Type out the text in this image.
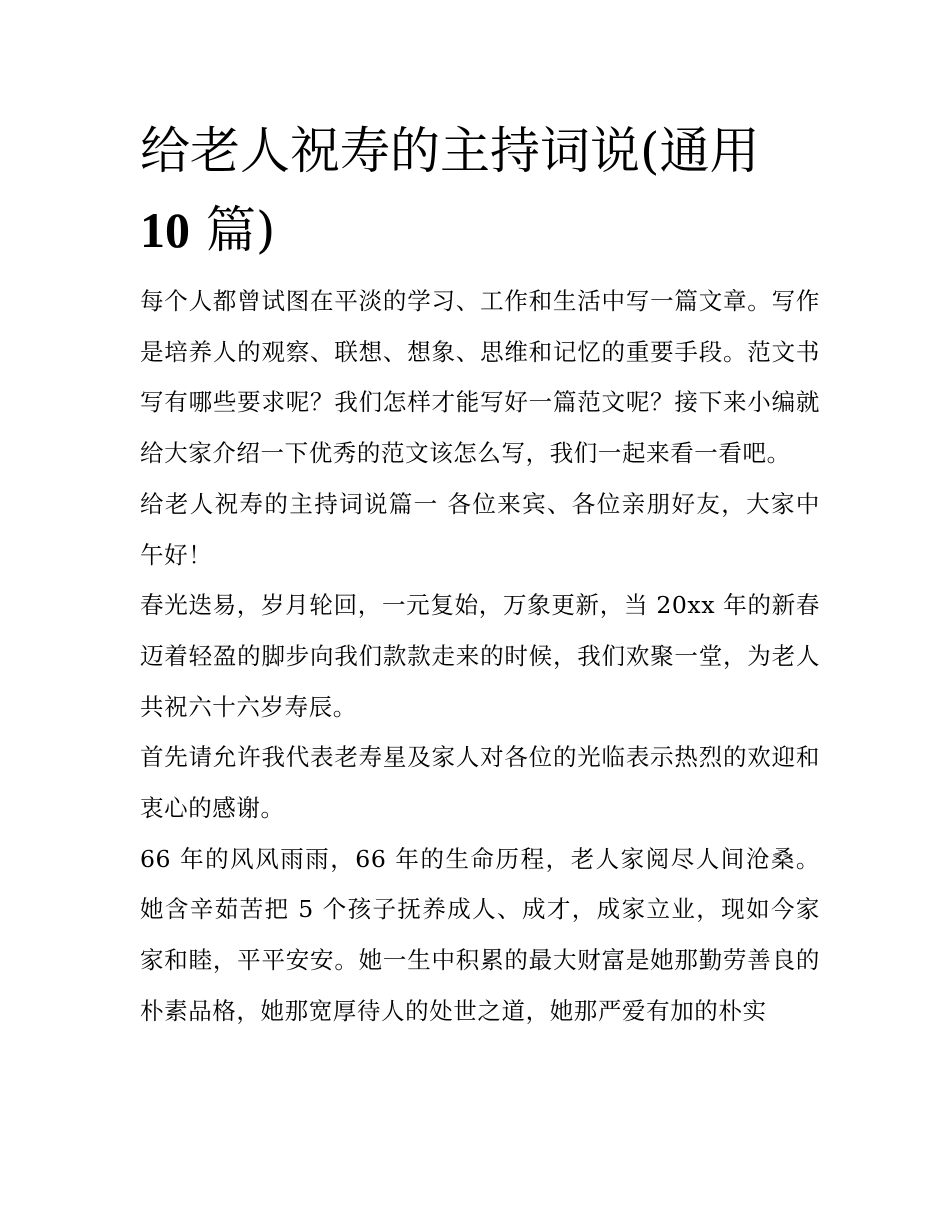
给老人祝寿的主持词说(通用
10 篇)

每个人都曾试图在平淡的学习、工作和生活中写一篇文章。写作是培养人的观察、联想、想象、思维和记忆的重要手段。范文书写有哪些要求呢？我们怎样才能写好一篇范文呢？接下来小编就给大家介绍一下优秀的范文该怎么写，我们一起来看一看吧。

给老人祝寿的主持词说篇一 各位来宾、各位亲朋好友，大家中午好！

春光迭易，岁月轮回，一元复始，万象更新，当 20xx 年的新春迈着轻盈的脚步向我们款款走来的时候，我们欢聚一堂，为老人共祝六十六岁寿辰。

首先请允许我代表老寿星及家人对各位的光临表示热烈的欢迎和衷心的感谢。

66 年的风风雨雨，66 年的生命历程，老人家阅尽人间沧桑。她含辛茹苦把 5 个孩子抚养成人、成才，成家立业，现如今家家和睦，平平安安。她一生中积累的最大财富是她那勤劳善良的朴素品格，她那宽厚待人的处世之道，她那严爱有加的朴实
